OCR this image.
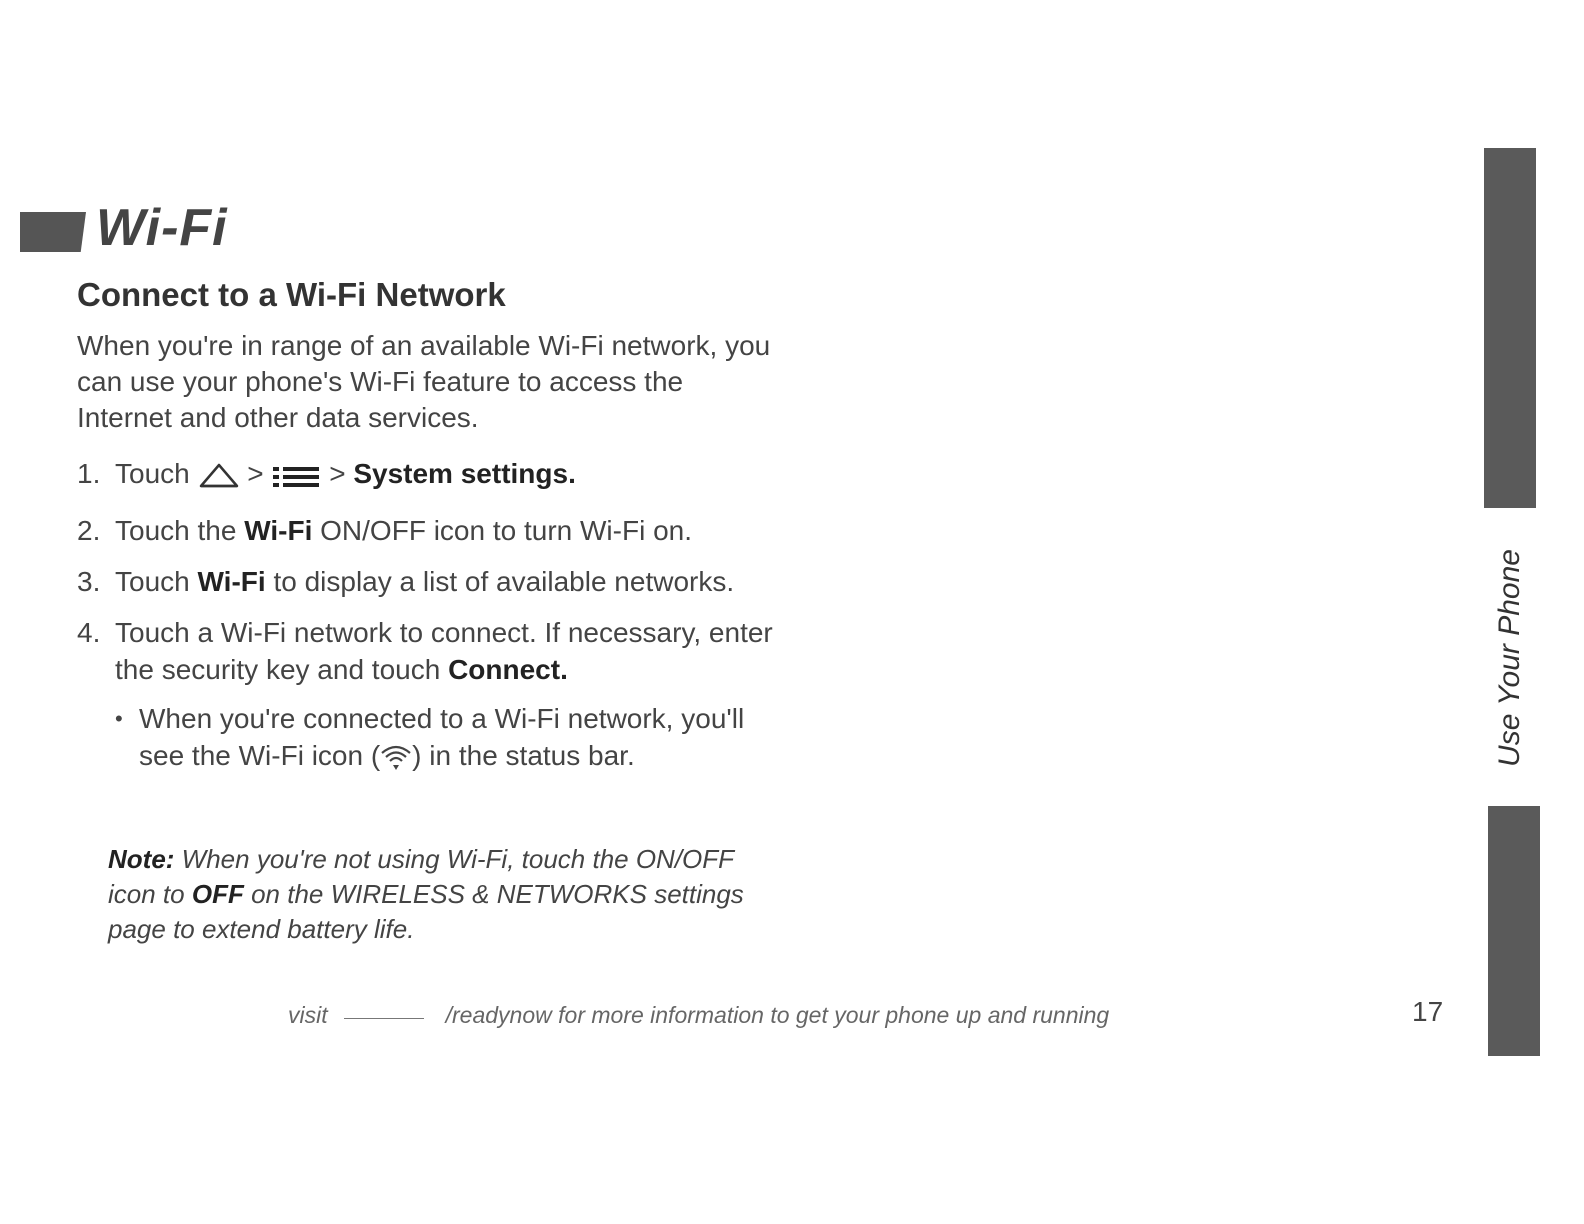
Wi-Fi
Connect to a Wi-Fi Network

When you're in range of an available Wi-Fi network, you can use your phone's Wi-Fi feature to access the Internet and other data services.

1. Touch > > System settings.
2. Touch the Wi-Fi ON/OFF icon to turn Wi-Fi on.
3. Touch Wi-Fi to display a list of available networks.
4. Touch a Wi-Fi network to connect. If necessary, enter the security key and touch Connect.
• When you're connected to a Wi-Fi network, you'll see the Wi-Fi icon ( ) in the status bar.

Note: When you're not using Wi-Fi, touch the ON/OFF icon to OFF on the WIRELESS & NETWORKS settings page to extend battery life.

visit	/readynow for more information to get your phone up and running	17
Use Your Phone
